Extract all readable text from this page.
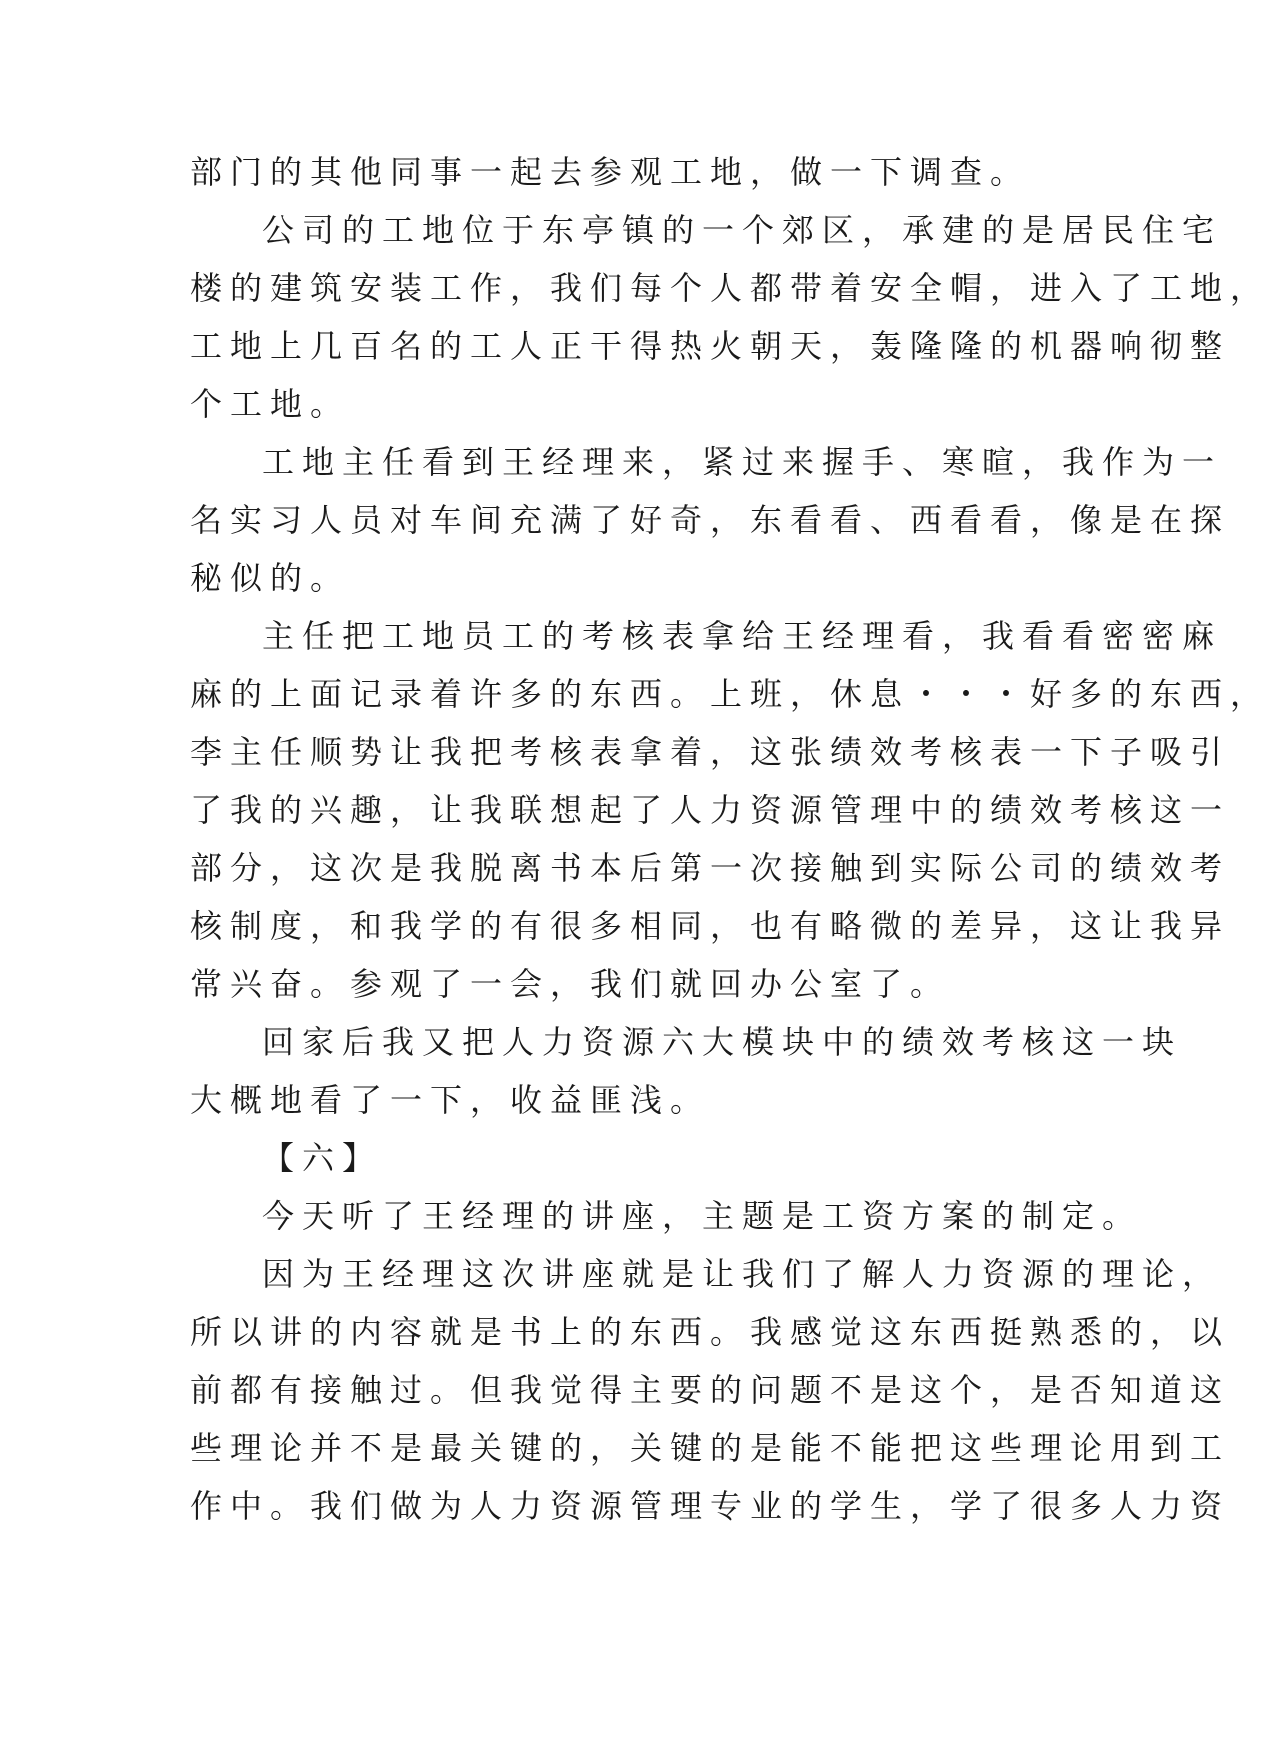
部门的其他同事一起去参观工地，做一下调查。
公司的工地位于东亭镇的一个郊区，承建的是居民住宅
楼的建筑安装工作，我们每个人都带着安全帽，进入了工地，
工地上几百名的工人正干得热火朝天，轰隆隆的机器响彻整
个工地。
工地主任看到王经理来，紧过来握手、寒暄，我作为一
名实习人员对车间充满了好奇，东看看、西看看，像是在探
秘似的。
主任把工地员工的考核表拿给王经理看，我看看密密麻
麻的上面记录着许多的东西。上班，休息・・・好多的东西，
李主任顺势让我把考核表拿着，这张绩效考核表一下子吸引
了我的兴趣，让我联想起了人力资源管理中的绩效考核这一
部分，这次是我脱离书本后第一次接触到实际公司的绩效考
核制度，和我学的有很多相同，也有略微的差异，这让我异
常兴奋。参观了一会，我们就回办公室了。
回家后我又把人力资源六大模块中的绩效考核这一块
大概地看了一下，收益匪浅。
【六】
今天听了王经理的讲座，主题是工资方案的制定。
因为王经理这次讲座就是让我们了解人力资源的理论，
所以讲的内容就是书上的东西。我感觉这东西挺熟悉的，以
前都有接触过。但我觉得主要的问题不是这个，是否知道这
些理论并不是最关键的，关键的是能不能把这些理论用到工
作中。我们做为人力资源管理专业的学生，学了很多人力资
